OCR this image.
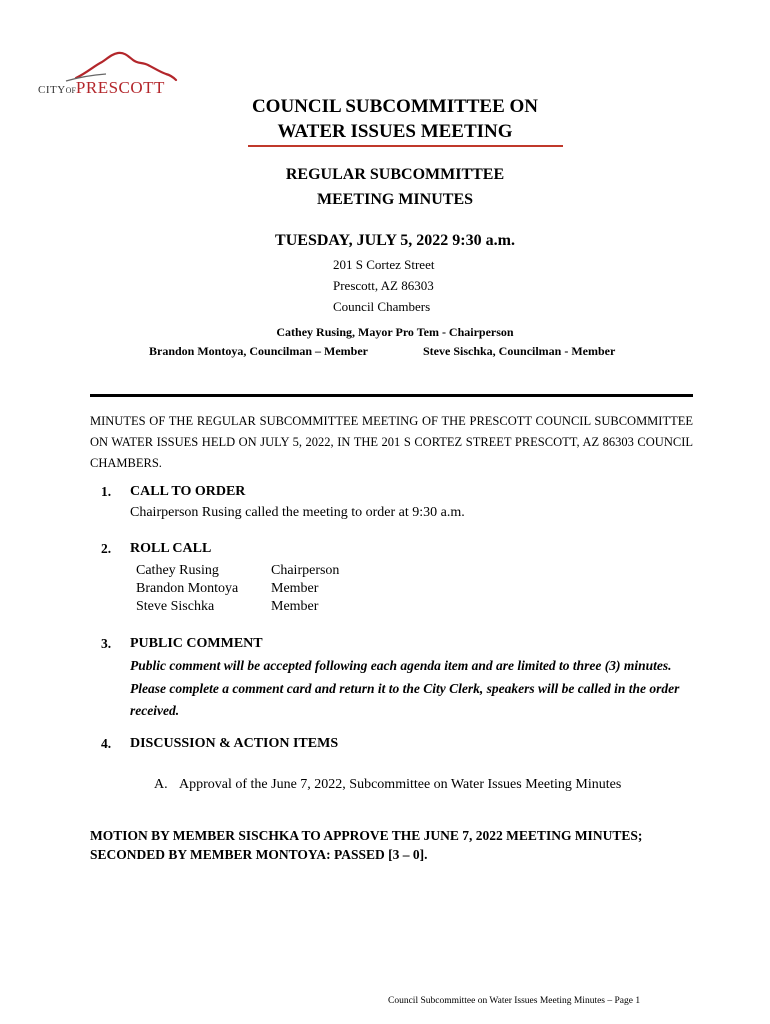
CITYOFPRESCOTT
COUNCIL SUBCOMMITTEE ON
WATER ISSUES MEETING
REGULAR SUBCOMMITTEE
MEETING MINUTES
TUESDAY, JULY 5, 2022 9:30 a.m.
201 S Cortez Street
Prescott, AZ 86303
Council Chambers
Cathey Rusing, Mayor Pro Tem - Chairperson
Brandon Montoya, Councilman – Member	Steve Sischka, Councilman - Member
MINUTES OF THE REGULAR SUBCOMMITTEE MEETING OF THE PRESCOTT COUNCIL SUBCOMMITTEE ON WATER ISSUES HELD ON JULY 5, 2022, IN THE 201 S CORTEZ STREET PRESCOTT, AZ 86303 COUNCIL CHAMBERS.
1. CALL TO ORDER
Chairperson Rusing called the meeting to order at 9:30 a.m.
2. ROLL CALL
Cathey Rusing	Chairperson
Brandon Montoya	Member
Steve Sischka	Member
3. PUBLIC COMMENT
Public comment will be accepted following each agenda item and are limited to three (3) minutes. Please complete a comment card and return it to the City Clerk, speakers will be called in the order received.
4. DISCUSSION & ACTION ITEMS
A. Approval of the June 7, 2022, Subcommittee on Water Issues Meeting Minutes
MOTION BY MEMBER SISCHKA TO APPROVE THE JUNE 7, 2022 MEETING MINUTES; SECONDED BY MEMBER MONTOYA: PASSED [3 – 0].
Council Subcommittee on Water Issues Meeting Minutes – Page 1
